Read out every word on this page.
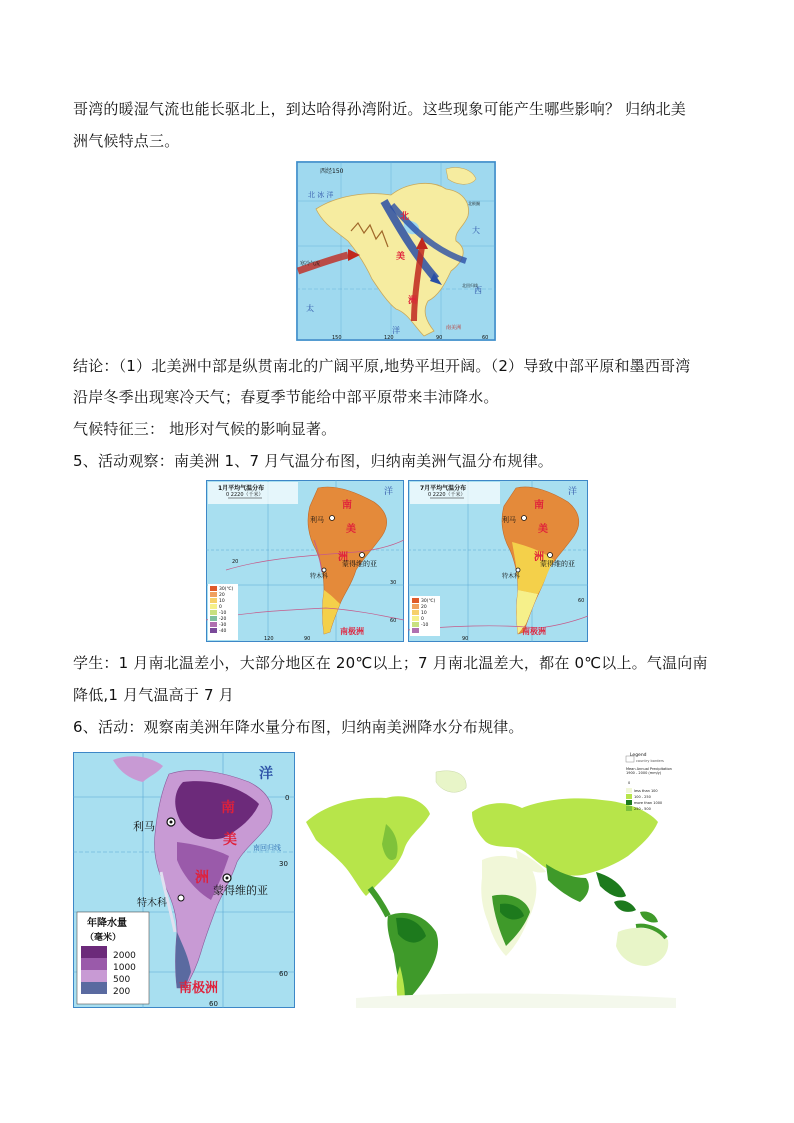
哥湾的暖湿气流也能长驱北上，到达哈得孙湾附近。这些现象可能产生哪些影响？ 归纳北美
洲气候特点三。
西经150
北 冰 洋
北
美
洲
大
西
太
洋
寒冷气流
南美洲
北回归线
北极圈
150	120	90	60
结论：（1）北美洲中部是纵贯南北的广阔平原,地势平坦开阔。（2）导致中部平原和墨西哥湾
沿岸冬季出现寒冷天气；春夏季节能给中部平原带来丰沛降水。
气候特征三： 地形对气候的影响显著。
5、活动观察：南美洲 1、7 月气温分布图，归纳南美洲气温分布规律。
1月平均气温分布
0 2220（千米）	洋
南
美
洲
利马
蒙得维的亚
特木科
南极洲
20
120	90
60
30
30(℃)
20
10
0
-10
-20
-30
-40
7月平均气温分布
0 2220（千米）	洋
南
美
洲
利马
蒙得维的亚
特木科
南极洲
90
60
30(℃)
20
10
0
-10
学生：1 月南北温差小，大部分地区在 20℃以上；7 月南北温差大，都在 0℃以上。气温向南
降低,1 月气温高于 7 月
6、活动：观察南美洲年降水量分布图，归纳南美洲降水分布规律。
洋
南
美
洲
利马
蒙得维的亚
特木科
南回归线
南极洲
0
30
60
60
年降水量
（毫米）
2000
1000
500
200
Legend
country borders
Mean Annual Precipitation
1900 - 2000 (mm/y)
0
less than 100
100 - 250
more than 1000
250 - 500
